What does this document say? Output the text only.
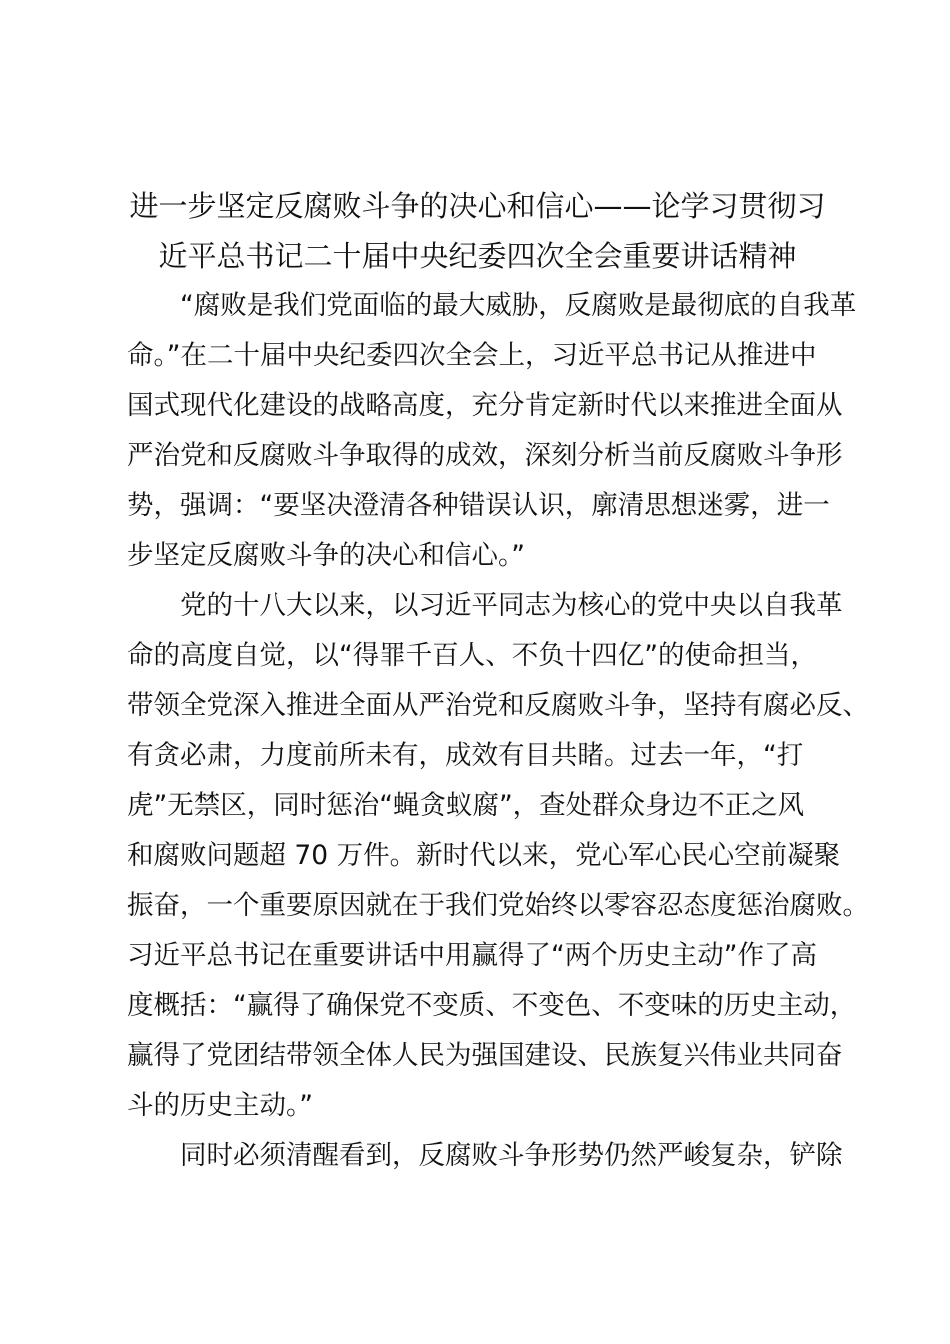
进一步坚定反腐败斗争的决心和信心——论学习贯彻习
近平总书记二十届中央纪委四次全会重要讲话精神
“腐败是我们党面临的最大威胁，反腐败是最彻底的自我革
命。”在二十届中央纪委四次全会上，习近平总书记从推进中
国式现代化建设的战略高度，充分肯定新时代以来推进全面从
严治党和反腐败斗争取得的成效，深刻分析当前反腐败斗争形
势，强调：“要坚决澄清各种错误认识，廓清思想迷雾，进一
步坚定反腐败斗争的决心和信心。”
党的十八大以来，以习近平同志为核心的党中央以自我革
命的高度自觉，以“得罪千百人、不负十四亿”的使命担当，
带领全党深入推进全面从严治党和反腐败斗争，坚持有腐必反、
有贪必肃，力度前所未有，成效有目共睹。过去一年，“打
虎”无禁区，同时惩治“蝇贪蚁腐”，查处群众身边不正之风
和腐败问题超 70 万件。新时代以来，党心军心民心空前凝聚
振奋，一个重要原因就在于我们党始终以零容忍态度惩治腐败。
习近平总书记在重要讲话中用赢得了“两个历史主动”作了高
度概括：“赢得了确保党不变质、不变色、不变味的历史主动，
赢得了党团结带领全体人民为强国建设、民族复兴伟业共同奋
斗的历史主动。”
同时必须清醒看到，反腐败斗争形势仍然严峻复杂，铲除
